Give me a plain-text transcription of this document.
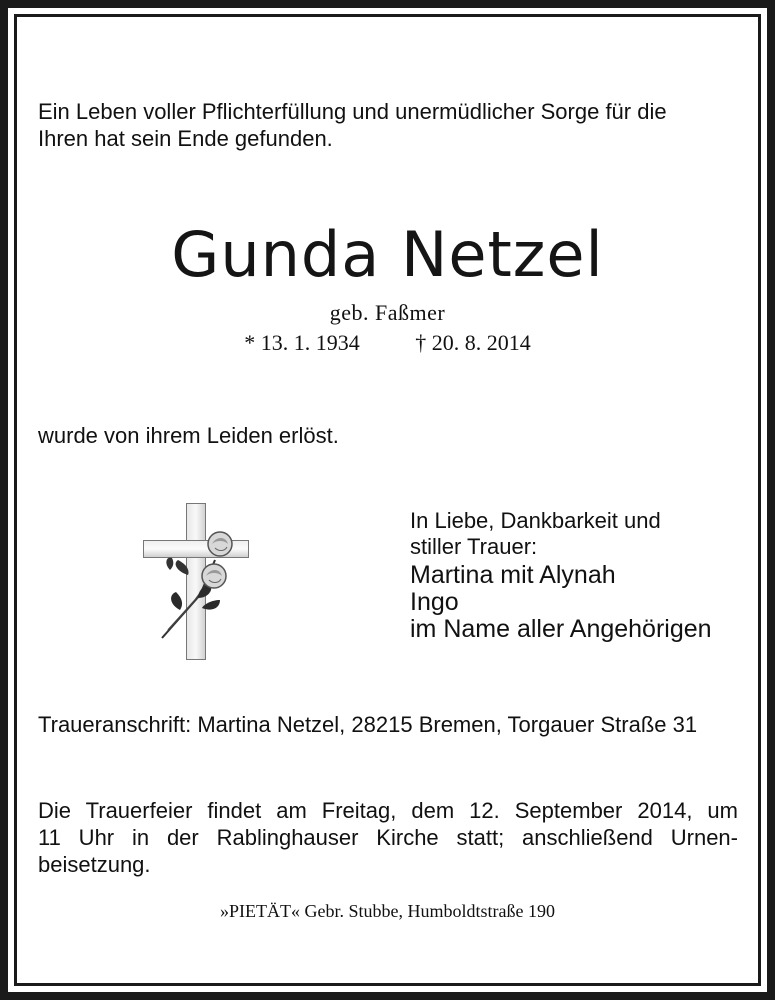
Ein Leben voller Pflichterfüllung und unermüdlicher Sorge für die
Ihren hat sein Ende gefunden.
Gunda Netzel
geb. Faßmer
* 13. 1. 1934	† 20. 8. 2014
wurde von ihrem Leiden erlöst.
In Liebe, Dankbarkeit und
stiller Trauer:
Martina mit Alynah
Ingo
im Name aller Angehörigen
Traueranschrift: Martina Netzel, 28215 Bremen, Torgauer Straße 31
Die Trauerfeier findet am Freitag, dem 12. September 2014, um
11 Uhr in der Rablinghauser Kirche statt; anschließend Urnen-
beisetzung.
»PIETÄT« Gebr. Stubbe, Humboldtstraße 190
